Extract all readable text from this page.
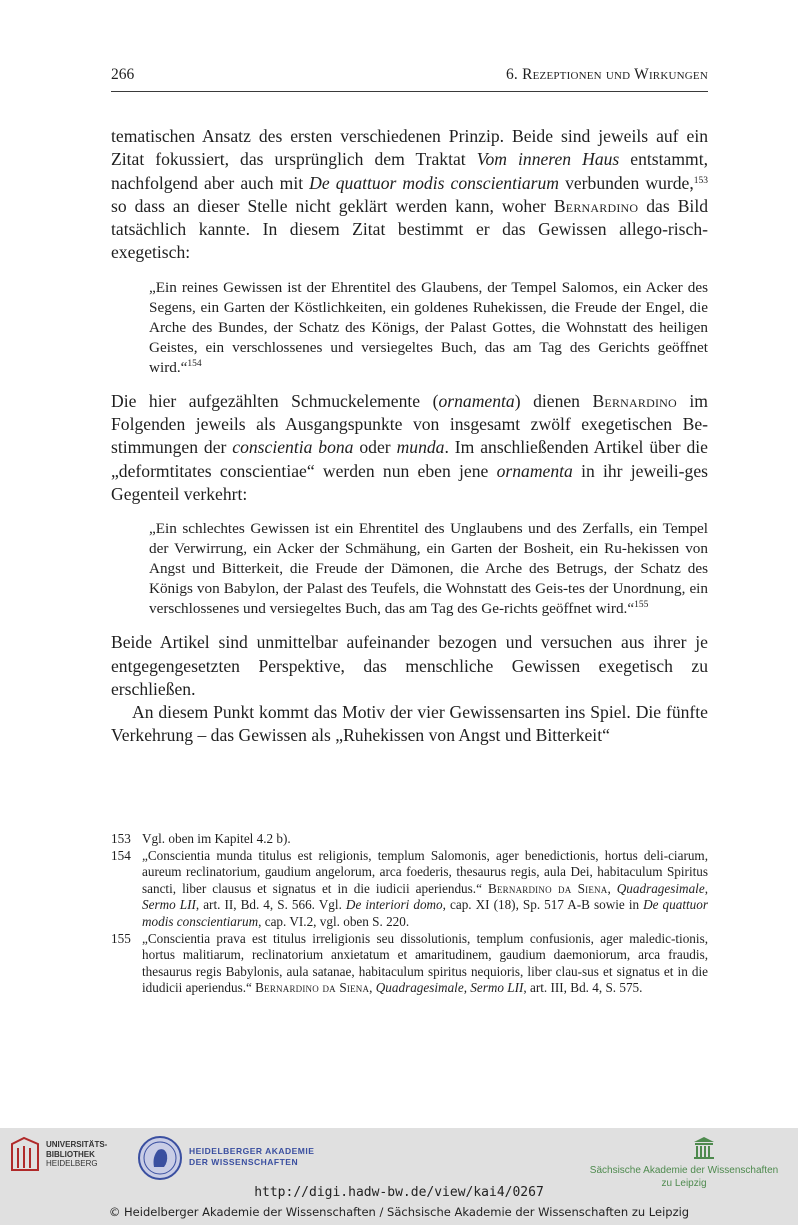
266	6. Rezeptionen und Wirkungen

tematischen Ansatz des ersten verschiedenen Prinzip. Beide sind jeweils auf ein Zitat fokussiert, das ursprünglich dem Traktat Vom inneren Haus entstammt, nachfolgend aber auch mit De quattuor modis conscientiarum verbunden wurde,$^{153}$ so dass an dieser Stelle nicht geklärt werden kann, woher Bernardino das Bild tatsächlich kannte. In diesem Zitat bestimmt er das Gewissen allego-risch-exegetisch:

„Ein reines Gewissen ist der Ehrentitel des Glaubens, der Tempel Salomos, ein Acker des Segens, ein Garten der Köstlichkeiten, ein goldenes Ruhekissen, die Freude der Engel, die Arche des Bundes, der Schatz des Königs, der Palast Gottes, die Wohnstatt des heiligen Geistes, ein verschlossenes und versiegeltes Buch, das am Tag des Gerichts geöffnet wird.“$^{154}$

Die hier aufgezählten Schmuckelemente (ornamenta) dienen Bernardino im Folgenden jeweils als Ausgangspunkte von insgesamt zwölf exegetischen Be-stimmungen der conscientia bona oder munda. Im anschließenden Artikel über die „deformtitates conscientiae“ werden nun eben jene ornamenta in ihr jeweili-ges Gegenteil verkehrt:

„Ein schlechtes Gewissen ist ein Ehrentitel des Unglaubens und des Zerfalls, ein Tempel der Verwirrung, ein Acker der Schmähung, ein Garten der Bosheit, ein Ru-hekissen von Angst und Bitterkeit, die Freude der Dämonen, die Arche des Betrugs, der Schatz des Königs von Babylon, der Palast des Teufels, die Wohnstatt des Geis-tes der Unordnung, ein verschlossenes und versiegeltes Buch, das am Tag des Ge-richts geöffnet wird.“$^{155}$

Beide Artikel sind unmittelbar aufeinander bezogen und versuchen aus ihrer je entgegengesetzten Perspektive, das menschliche Gewissen exegetisch zu erschließen.

An diesem Punkt kommt das Motiv der vier Gewissensarten ins Spiel. Die fünfte Verkehrung – das Gewissen als „Ruhekissen von Angst und Bitterkeit“

153 Vgl. oben im Kapitel 4.2 b).
154 „Conscientia munda titulus est religionis, templum Salomonis, ager benedictionis, hortus deli-ciarum, aureum reclinatorium, gaudium angelorum, arca foederis, thesaurus regis, aula Dei, habitaculum Spiritus sancti, liber clausus et signatus et in die iudicii aperiendus.“ Bernardino da Siena, Quadragesimale, Sermo LII, art. II, Bd. 4, S. 566. Vgl. De interiori domo, cap. XI (18), Sp. 517 A-B sowie in De quattuor modis conscientiarum, cap. VI.2, vgl. oben S. 220.
155 „Conscientia prava est titulus irreligionis seu dissolutionis, templum confusionis, ager maledic-tionis, hortus malitiarum, reclinatorium anxietatum et amaritudinem, gaudium daemoniorum, arca fraudis, thesaurus regis Babylonis, aula satanae, habitaculum spiritus nequioris, liber clau-sus et signatus et in die idudicii aperiendus.“ Bernardino da Siena, Quadragesimale, Sermo LII, art. III, Bd. 4, S. 575.
UNIVERSITÄTS-
BIBLIOTHEK
HEIDELBERG
HEIDELBERGER AKADEMIE
DER WISSENSCHAFTEN
Sächsische Akademie der Wissenschaften
zu Leipzig
http://digi.hadw-bw.de/view/kai4/0267
© Heidelberger Akademie der Wissenschaften / Sächsische Akademie der Wissenschaften zu Leipzig
